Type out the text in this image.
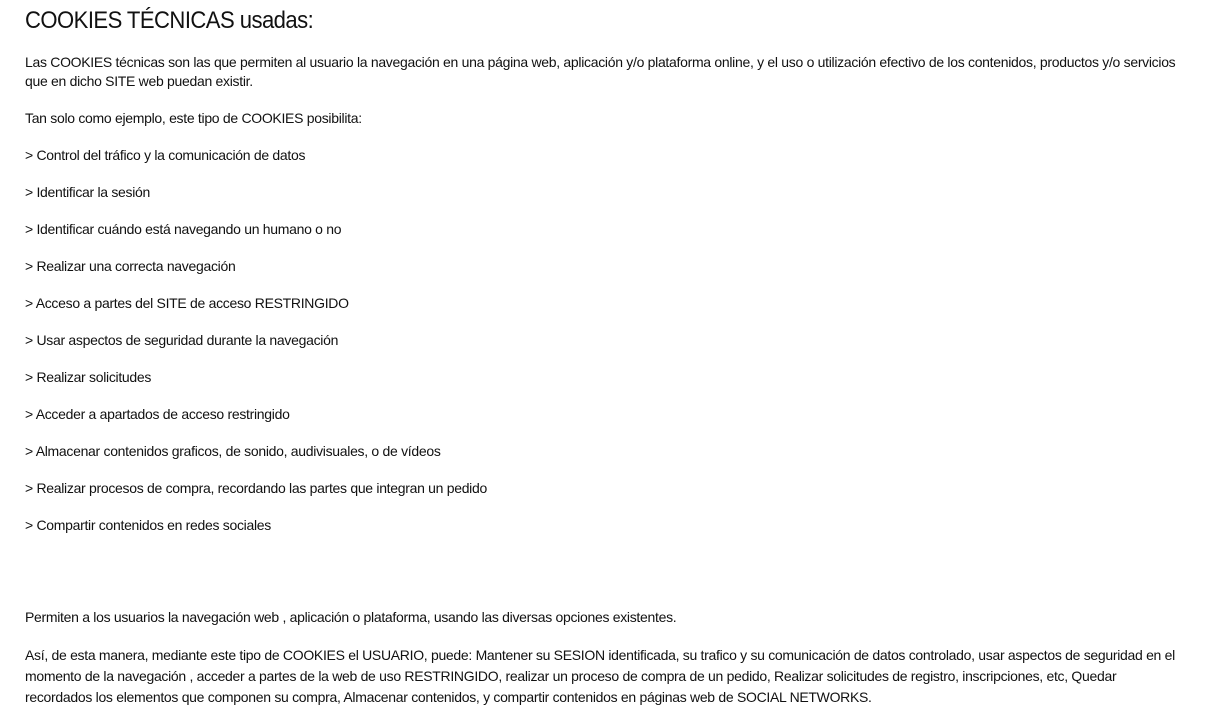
COOKIES TÉCNICAS usadas:

Las COOKIES técnicas son las que permiten al usuario la navegación en una página web, aplicación y/o plataforma online, y el uso o utilización efectivo de los contenidos, productos y/o servicios que en dicho SITE web puedan existir.

Tan solo como ejemplo, este tipo de COOKIES posibilita:

> Control del tráfico y la comunicación de datos
> Identificar la sesión
> Identificar cuándo está navegando un humano o no
> Realizar una correcta navegación
> Acceso a partes del SITE de acceso RESTRINGIDO
> Usar aspectos de seguridad durante la navegación
> Realizar solicitudes
> Acceder a apartados de acceso restringido
> Almacenar contenidos graficos, de sonido, audivisuales, o de vídeos
> Realizar procesos de compra, recordando las partes que integran un pedido
> Compartir contenidos en redes sociales

Permiten a los usuarios la navegación web , aplicación o plataforma, usando las diversas opciones existentes.

Así, de esta manera, mediante este tipo de COOKIES el USUARIO, puede: Mantener su SESION identificada, su trafico y su comunicación de datos controlado, usar aspectos de seguridad en el momento de la navegación , acceder a partes de la web de uso RESTRINGIDO, realizar un proceso de compra de un pedido, Realizar solicitudes de registro, inscripciones, etc, Quedar recordados los elementos que componen su compra, Almacenar contenidos, y compartir contenidos en páginas web de SOCIAL NETWORKS.
